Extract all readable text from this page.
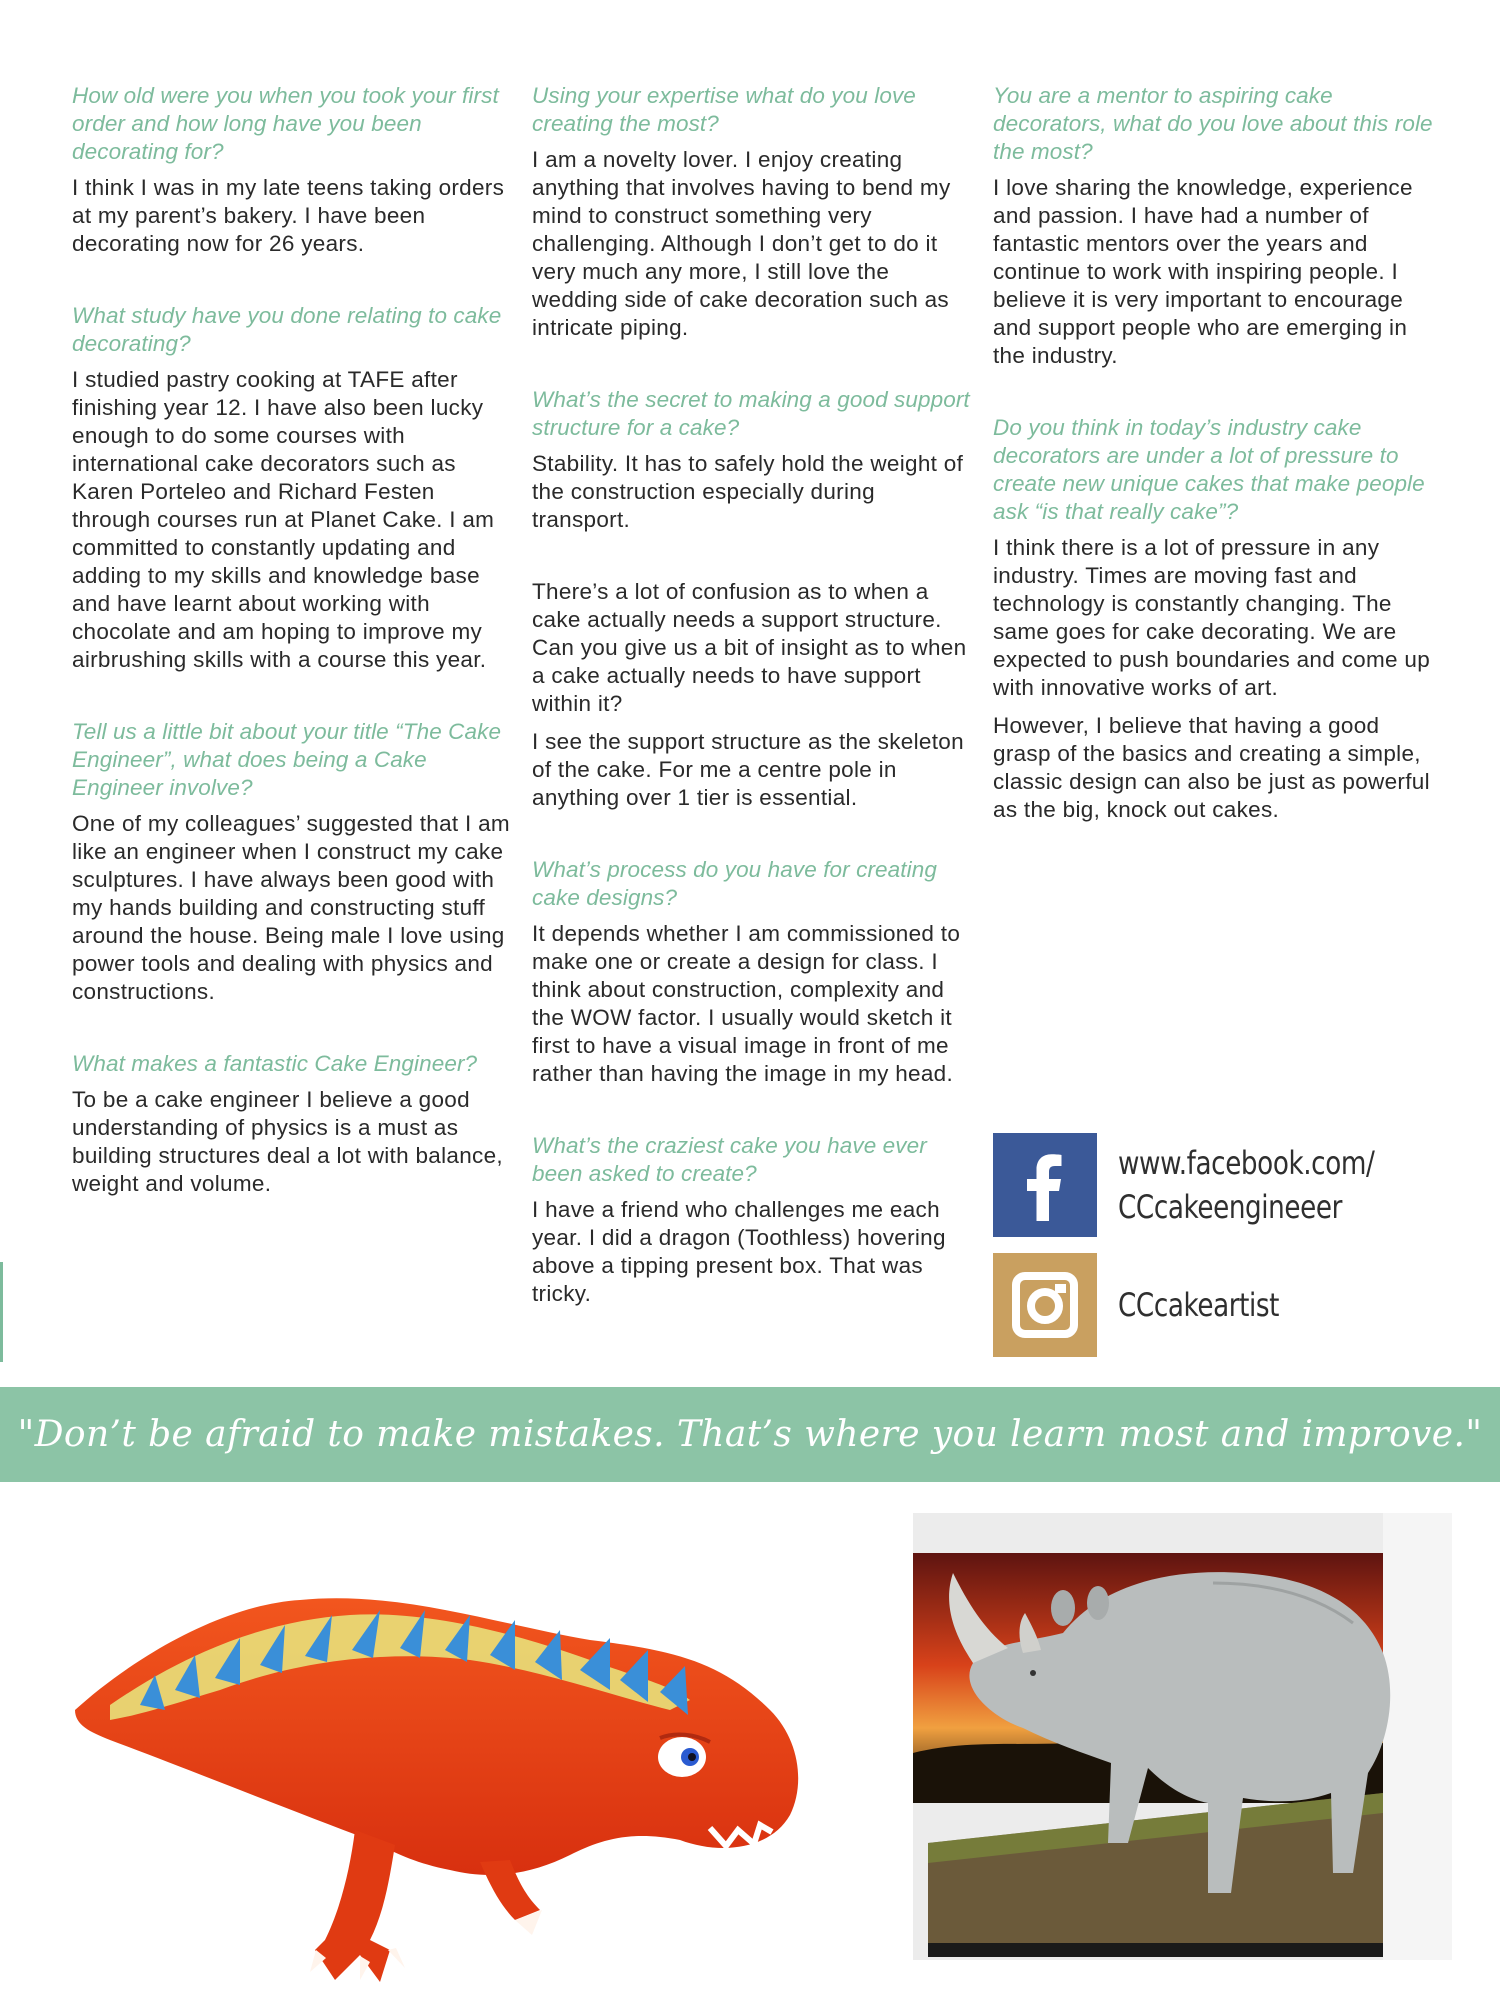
How old were you when you took your first order and how long have you been decorating for?

I think I was in my late teens taking orders at my parent’s bakery. I have been decorating now for 26 years.

What study have you done relating to cake decorating?

I studied pastry cooking at TAFE after finishing year 12. I have also been lucky enough to do some courses with international cake decorators such as Karen Porteleo and Richard Festen through courses run at Planet Cake. I am committed to constantly updating and adding to my skills and knowledge base and have learnt about working with chocolate and am hoping to improve my airbrushing skills with a course this year.

Tell us a little bit about your title “The Cake Engineer”, what does being a Cake Engineer involve?

One of my colleagues’ suggested that I am like an engineer when I construct my cake sculptures. I have always been good with my hands building and constructing stuff around the house. Being male I love using power tools and dealing with physics and constructions.

What makes a fantastic Cake Engineer?

To be a cake engineer I believe a good understanding of physics is a must as building structures deal a lot with balance, weight and volume.

Using your expertise what do you love creating the most?

I am a novelty lover. I enjoy creating anything that involves having to bend my mind to construct something very challenging. Although I don’t get to do it very much any more, I still love the wedding side of cake decoration such as intricate piping.

What’s the secret to making a good support structure for a cake?

Stability. It has to safely hold the weight of the construction especially during transport.

There’s a lot of confusion as to when a cake actually needs a support structure. Can you give us a bit of insight as to when a cake actually needs to have support within it?

I see the support structure as the skeleton of the cake. For me a centre pole in anything over 1 tier is essential.

What’s process do you have for creating cake designs?

It depends whether I am commissioned to make one or create a design for class. I think about construction, complexity and the WOW factor. I usually would sketch it first to have a visual image in front of me rather than having the image in my head.

What’s the craziest cake you have ever been asked to create?

I have a friend who challenges me each year. I did a dragon (Toothless) hovering above a tipping present box. That was tricky.

You are a mentor to aspiring cake decorators, what do you love about this role the most?

I love sharing the knowledge, experience and passion. I have had a number of fantastic mentors over the years and continue to work with inspiring people. I believe it is very important to encourage and support people who are emerging in the industry.

Do you think in today’s industry cake decorators are under a lot of pressure to create new unique cakes that make people ask “is that really cake”?

I think there is a lot of pressure in any industry. Times are moving fast and technology is constantly changing. The same goes for cake decorating. We are expected to push boundaries and come up with innovative works of art.

However, I believe that having a good grasp of the basics and creating a simple, classic design can also be just as powerful as the big, knock out cakes.

www.facebook.com/
CCcakeengineeer
CCcakeartist
"Don’t be afraid to make mistakes. That’s where you learn most and improve."
